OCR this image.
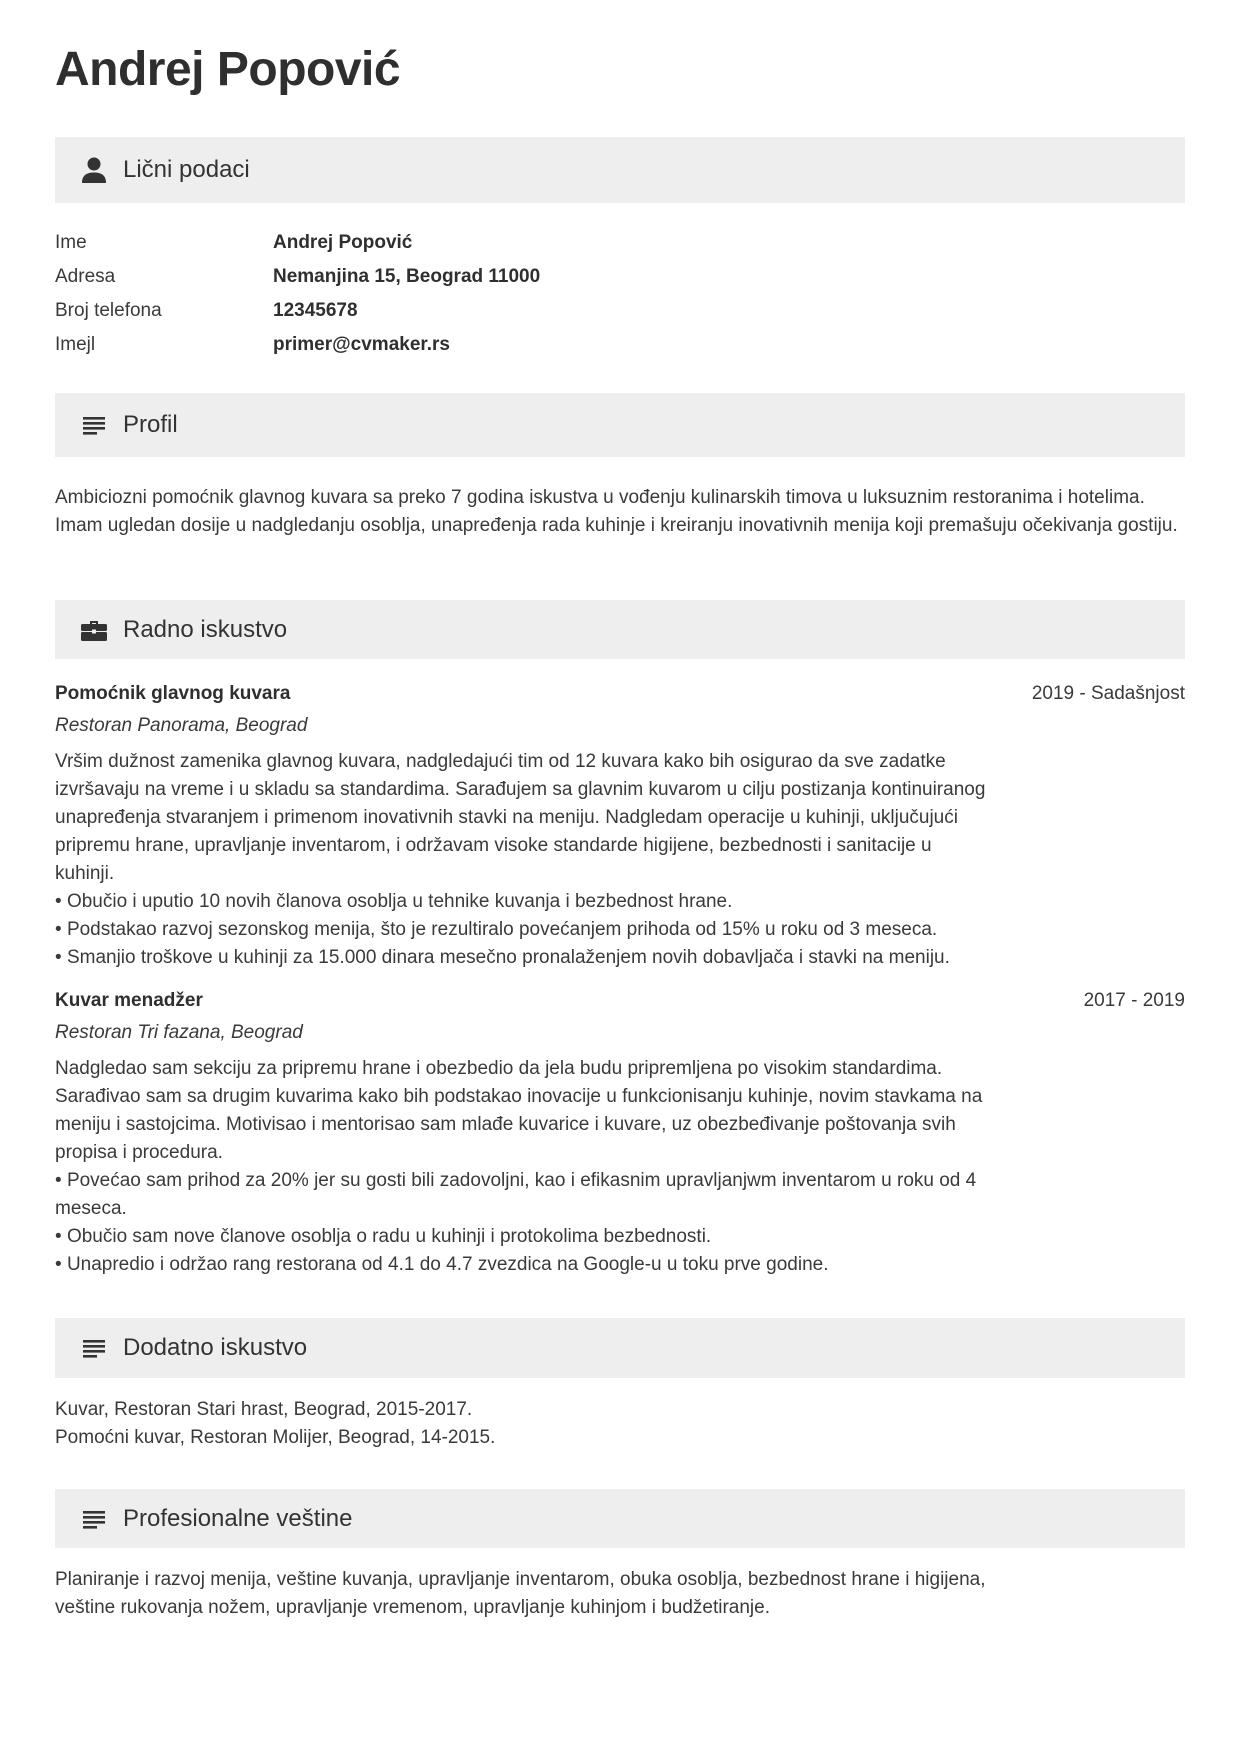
Andrej Popović
Lični podaci
Ime	Andrej Popović
Adresa	Nemanjina 15, Beograd 11000
Broj telefona	12345678
Imejl	primer@cvmaker.rs
Profil
Ambiciozni pomoćnik glavnog kuvara sa preko 7 godina iskustva u vođenju kulinarskih timova u luksuznim restoranima i hotelima. Imam ugledan dosije u nadgledanju osoblja, unapređenja rada kuhinje i kreiranju inovativnih menija koji premašuju očekivanja gostiju.
Radno iskustvo
Pomoćnik glavnog kuvara	2019 - Sadašnjost
Restoran Panorama, Beograd

Vršim dužnost zamenika glavnog kuvara, nadgledajući tim od 12 kuvara kako bih osigurao da sve zadatke izvršavaju na vreme i u skladu sa standardima. Sarađujem sa glavnim kuvarom u cilju postizanja kontinuiranog unapređenja stvaranjem i primenom inovativnih stavki na meniju. Nadgledam operacije u kuhinji, uključujući pripremu hrane, upravljanje inventarom, i održavam visoke standarde higijene, bezbednosti i sanitacije u kuhinji.

• Obučio i uputio 10 novih članova osoblja u tehnike kuvanja i bezbednost hrane.
• Podstakao razvoj sezonskog menija, što je rezultiralo povećanjem prihoda od 15% u roku od 3 meseca.
• Smanjio troškove u kuhinji za 15.000 dinara mesečno pronalaženjem novih dobavljača i stavki na meniju.
Kuvar menadžer	2017 - 2019
Restoran Tri fazana, Beograd

Nadgledao sam sekciju za pripremu hrane i obezbedio da jela budu pripremljena po visokim standardima. Sarađivao sam sa drugim kuvarima kako bih podstakao inovacije u funkcionisanju kuhinje, novim stavkama na meniju i sastojcima. Motivisao i mentorisao sam mlađe kuvarice i kuvare, uz obezbeđivanje poštovanja svih propisa i procedura.

• Povećao sam prihod za 20% jer su gosti bili zadovoljni, kao i efikasnim upravljanjwm inventarom u roku od 4 meseca.
• Obučio sam nove članove osoblja o radu u kuhinji i protokolima bezbednosti.
• Unapredio i održao rang restorana od 4.1 do 4.7 zvezdica na Google-u u toku prve godine.
Dodatno iskustvo
Kuvar, Restoran Stari hrast, Beograd, 2015-2017.
Pomoćni kuvar, Restoran Molijer, Beograd, 14-2015.
Profesionalne veštine
Planiranje i razvoj menija, veštine kuvanja, upravljanje inventarom, obuka osoblja, bezbednost hrane i higijena, veštine rukovanja nožem, upravljanje vremenom, upravljanje kuhinjom i budžetiranje.
